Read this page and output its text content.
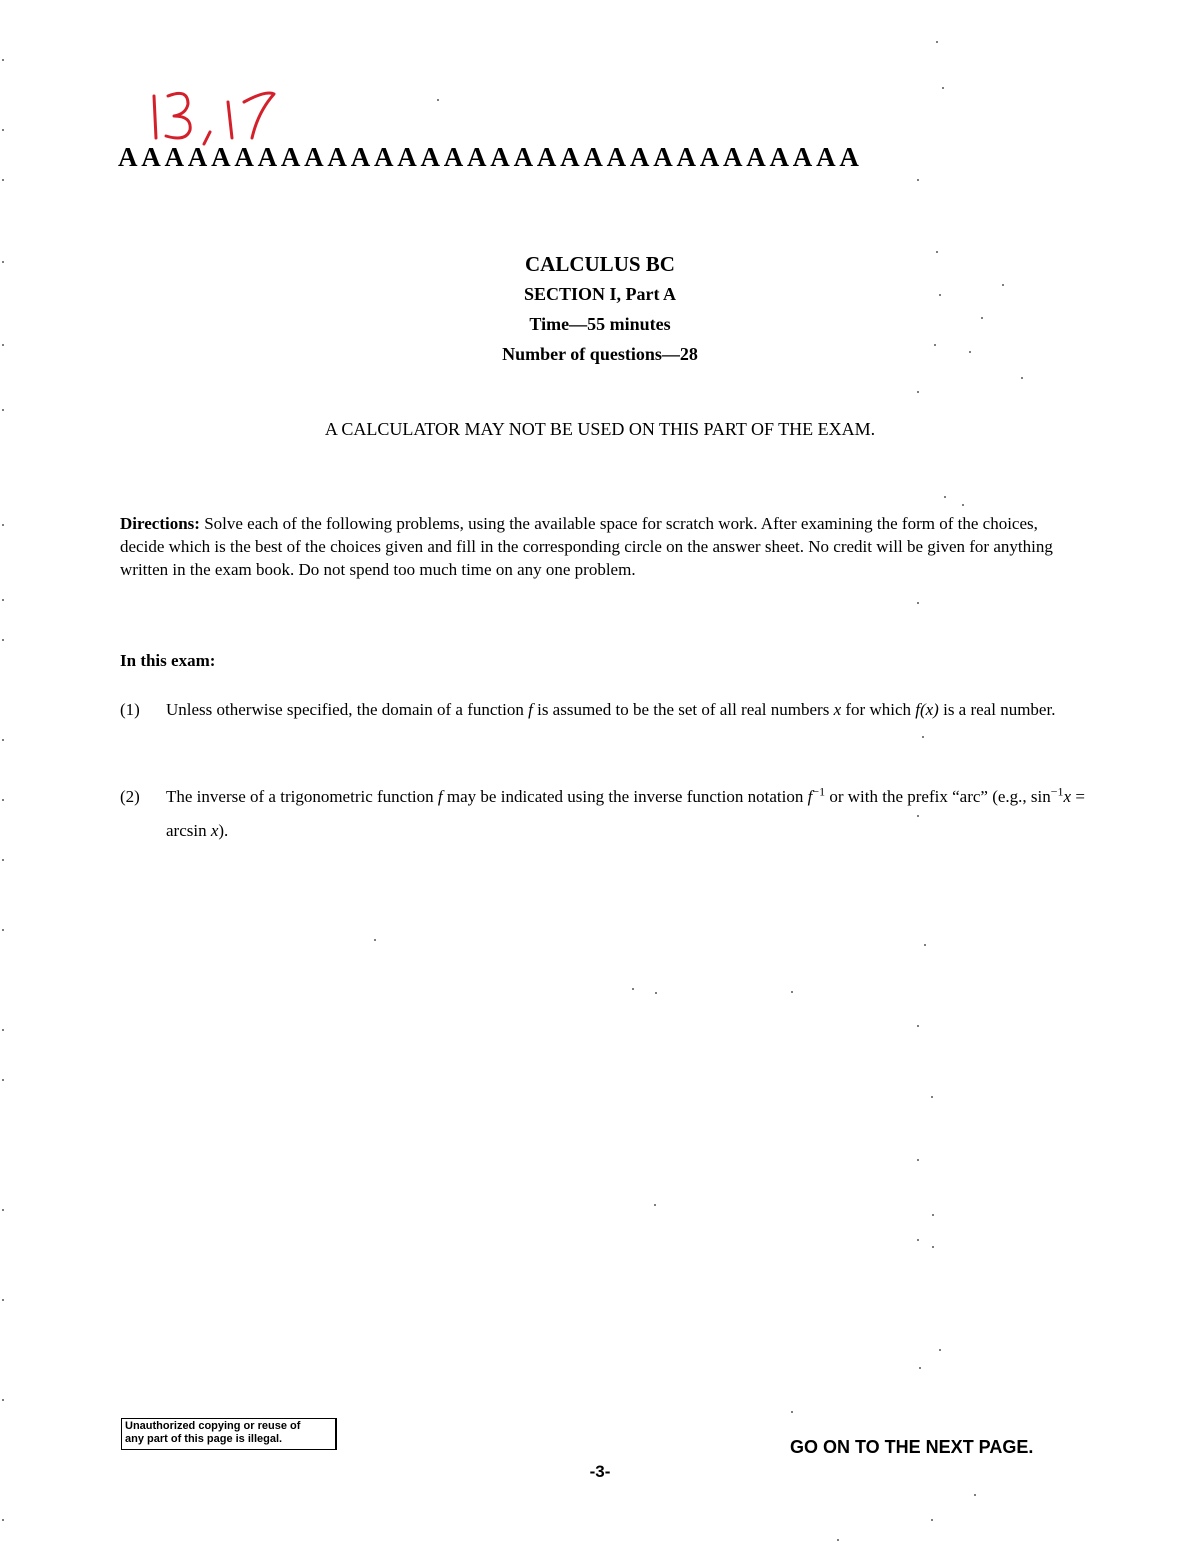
A A A A A A A A A A A A A A A A A A A A A A A A A A A A A A A A
CALCULUS BC
SECTION I, Part A
Time—55 minutes
Number of questions—28
A CALCULATOR MAY NOT BE USED ON THIS PART OF THE EXAM.
Directions: Solve each of the following problems, using the available space for scratch work. After examining the form of the choices, decide which is the best of the choices given and fill in the corresponding circle on the answer sheet. No credit will be given for anything written in the exam book. Do not spend too much time on any one problem.
In this exam:
(1) Unless otherwise specified, the domain of a function f is assumed to be the set of all real numbers x for which f(x) is a real number.
(2) The inverse of a trigonometric function f may be indicated using the inverse function notation $f^{-1}$ or with the prefix “arc” (e.g., $\sin^{-1}x = \arcsin x$).
Unauthorized copying or reuse of
any part of this page is illegal.	GO ON TO THE NEXT PAGE.
-3-
